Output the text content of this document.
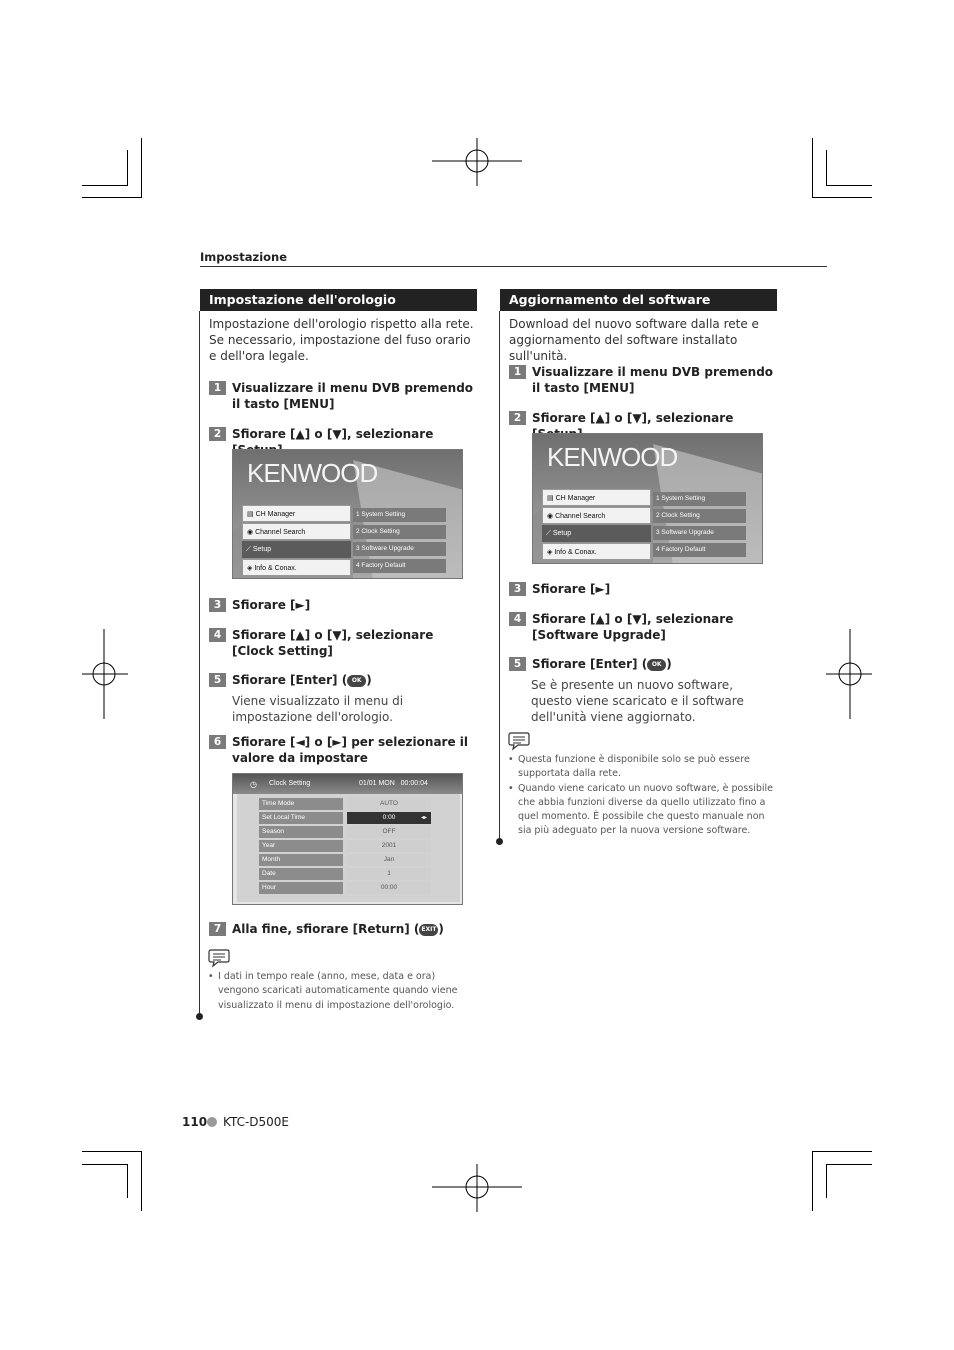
Impostazione
Impostazione dell'orologio

Impostazione dell'orologio rispetto alla rete. Se necessario, impostazione del fuso orario e dell'ora legale.

1 Visualizzare il menu DVB premendo il tasto [MENU]
2 Sfiorare [▲] o [▼], selezionare
KENWOOD
▤ CH Manager
◉ Channel Search
⟋ Setup
◈ Info & Conax.
1 System Setting
2 Clock Setting
3 Software Upgrade
4 Factory Default
3 Sfiorare [►]
4 Sfiorare [▲] o [▼], selezionare [Clock Setting]
5 Sfiorare [Enter] ( OK )
Viene visualizzato il menu di impostazione dell'orologio.
6 Sfiorare [◄] o [►] per selezionare il valore da impostare
◷ Clock Setting	01/01 MON   00:00:04
Time Mode	AUTO
Set Local Time	0:00	◂▸
Season	OFF
Year	2001
Month	Jan
Date	1
Hour	00:00
7 Alla fine, sfiorare [Return] ( EXIT )
• I dati in tempo reale (anno, mese, data e ora) vengono scaricati automaticamente quando viene visualizzato il menu di impostazione dell'orologio.
Aggiornamento del software

Download del nuovo software dalla rete e aggiornamento del software installato sull'unità.

1 Visualizzare il menu DVB premendo il tasto [MENU]
2 Sfiorare [▲] o [▼], selezionare
KENWOOD
▤ CH Manager
◉ Channel Search
⟋ Setup
◈ Info & Conax.
1 System Setting
2 Clock Setting
3 Software Upgrade
4 Factory Default
3 Sfiorare [►]
4 Sfiorare [▲] o [▼], selezionare [Software Upgrade]
5 Sfiorare [Enter] ( OK )
Se è presente un nuovo software, questo viene scaricato e il software dell'unità viene aggiornato.
• Questa funzione è disponibile solo se può essere supportata dalla rete.
• Quando viene caricato un nuovo software, è possibile che abbia funzioni diverse da quello utilizzato fino a quel momento. È possibile che questo manuale non sia più adeguato per la nuova versione software.
110 KTC-D500E
